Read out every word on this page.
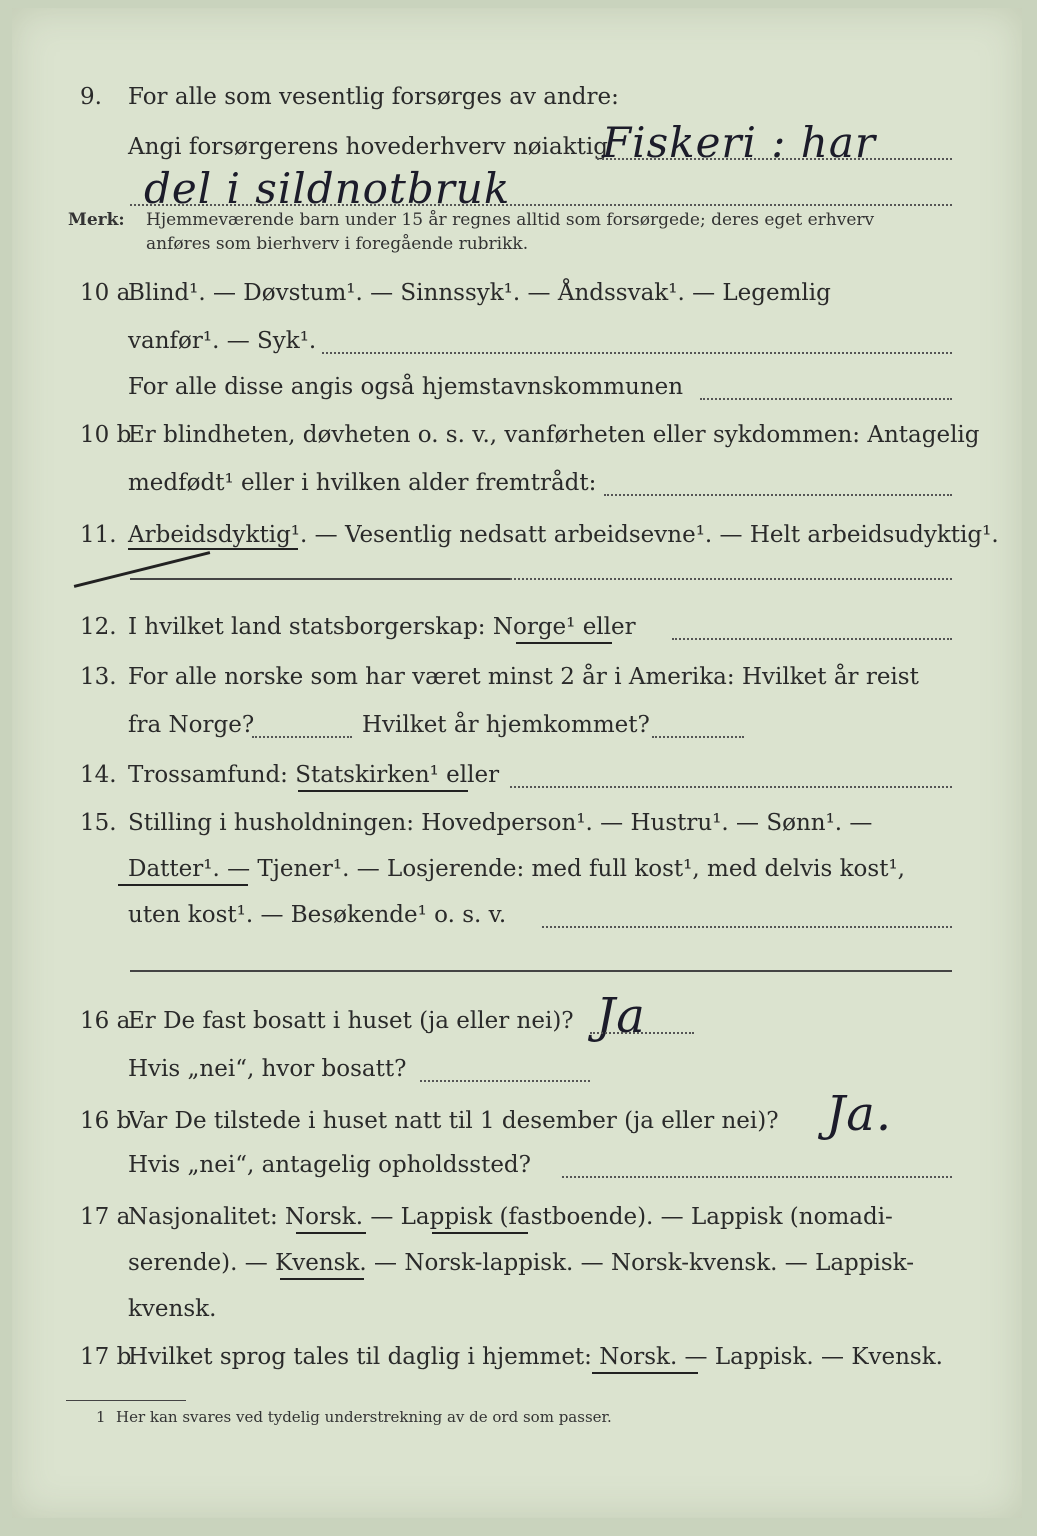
9.	For alle som vesentlig forsørges av andre:
Angi forsørgerens hovederhverv nøiaktig
Fiskeri : har
del i sildnotbruk
Merk: Hjemmeværende barn under 15 år regnes alltid som forsørgede; deres eget erhverv
anføres som bierhverv i foregående rubrikk.
10 a
Blind¹. — Døvstum¹. — Sinnssyk¹. — Åndssvak¹. — Legemlig
vanfør¹. — Syk¹.
For alle disse angis også hjemstavnskommunen
10 b
Er blindheten, døvheten o. s. v., vanførheten eller sykdommen: Antagelig
medfødt¹ eller i hvilken alder fremtrådt:
11. Arbeidsdyktig¹. — Vesentlig nedsatt arbeidsevne¹. — Helt arbeidsudyktig¹.
12. I hvilket land statsborgerskap: Norge¹ eller
13. For alle norske som har været minst 2 år i Amerika: Hvilket år reist
fra Norge?	Hvilket år hjemkommet?
14. Trossamfund: Statskirken¹ eller
15. Stilling i husholdningen: Hovedperson¹. — Hustru¹. — Sønn¹. —
Datter¹. — Tjener¹. — Losjerende: med full kost¹, med delvis kost¹,
uten kost¹. — Besøkende¹ o. s. v.
16 a
Er De fast bosatt i huset (ja eller nei)? Ja
Hvis „nei“, hvor bosatt?
16 b
Var De tilstede i huset natt til 1 desember (ja eller nei)? Ja.
Hvis „nei“, antagelig opholdssted?
17 a
Nasjonalitet: Norsk. — Lappisk (fastboende). — Lappisk (nomadi-
serende). — Kvensk. — Norsk-lappisk. — Norsk-kvensk. — Lappisk-
kvensk.
17 b
Hvilket sprog tales til daglig i hjemmet: Norsk. — Lappisk. — Kvensk.
1 Her kan svares ved tydelig understrekning av de ord som passer.
